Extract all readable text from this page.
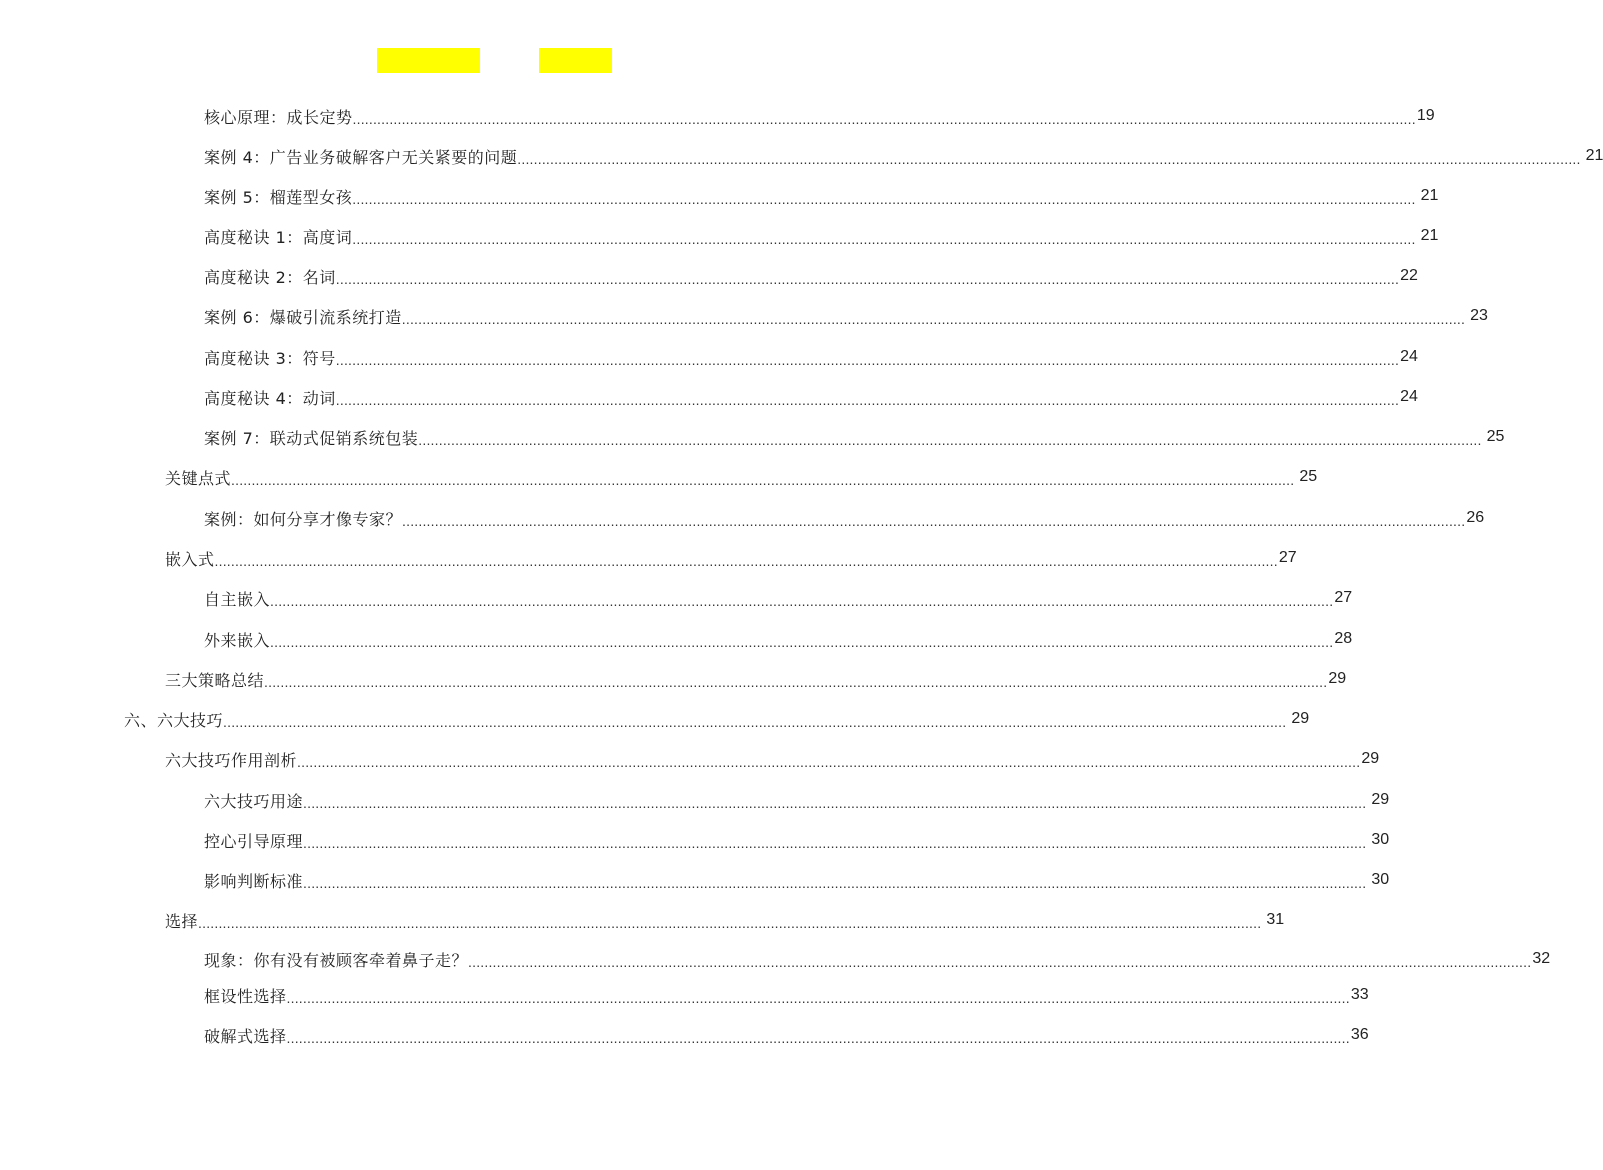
核心原理：成长定势 .................................................................................................................................................................................................................................................................... 19
案例 4：广告业务破解客户无关紧要的问题 .................................................................................................................................................................................................................................................................... 21
案例 5：榴莲型女孩 .................................................................................................................................................................................................................................................................... 21
高度秘诀 1：高度词 .................................................................................................................................................................................................................................................................... 21
高度秘诀 2：名词 .................................................................................................................................................................................................................................................................... 22
案例 6：爆破引流系统打造 .................................................................................................................................................................................................................................................................... 23
高度秘诀 3：符号 .................................................................................................................................................................................................................................................................... 24
高度秘诀 4：动词 .................................................................................................................................................................................................................................................................... 24
案例 7：联动式促销系统包装 .................................................................................................................................................................................................................................................................... 25
关键点式 .................................................................................................................................................................................................................................................................... 25
案例：如何分享才像专家？ .................................................................................................................................................................................................................................................................... 26
嵌入式 .................................................................................................................................................................................................................................................................... 27
自主嵌入 .................................................................................................................................................................................................................................................................... 27
外来嵌入 .................................................................................................................................................................................................................................................................... 28
三大策略总结 .................................................................................................................................................................................................................................................................... 29
六、六大技巧 .................................................................................................................................................................................................................................................................... 29
六大技巧作用剖析 .................................................................................................................................................................................................................................................................... 29
六大技巧用途 .................................................................................................................................................................................................................................................................... 29
控心引导原理 .................................................................................................................................................................................................................................................................... 30
影响判断标准 .................................................................................................................................................................................................................................................................... 30
选择 .................................................................................................................................................................................................................................................................... 31
现象：你有没有被顾客牵着鼻子走？ .................................................................................................................................................................................................................................................................... 32
框设性选择 .................................................................................................................................................................................................................................................................... 33
破解式选择 .................................................................................................................................................................................................................................................................... 36
